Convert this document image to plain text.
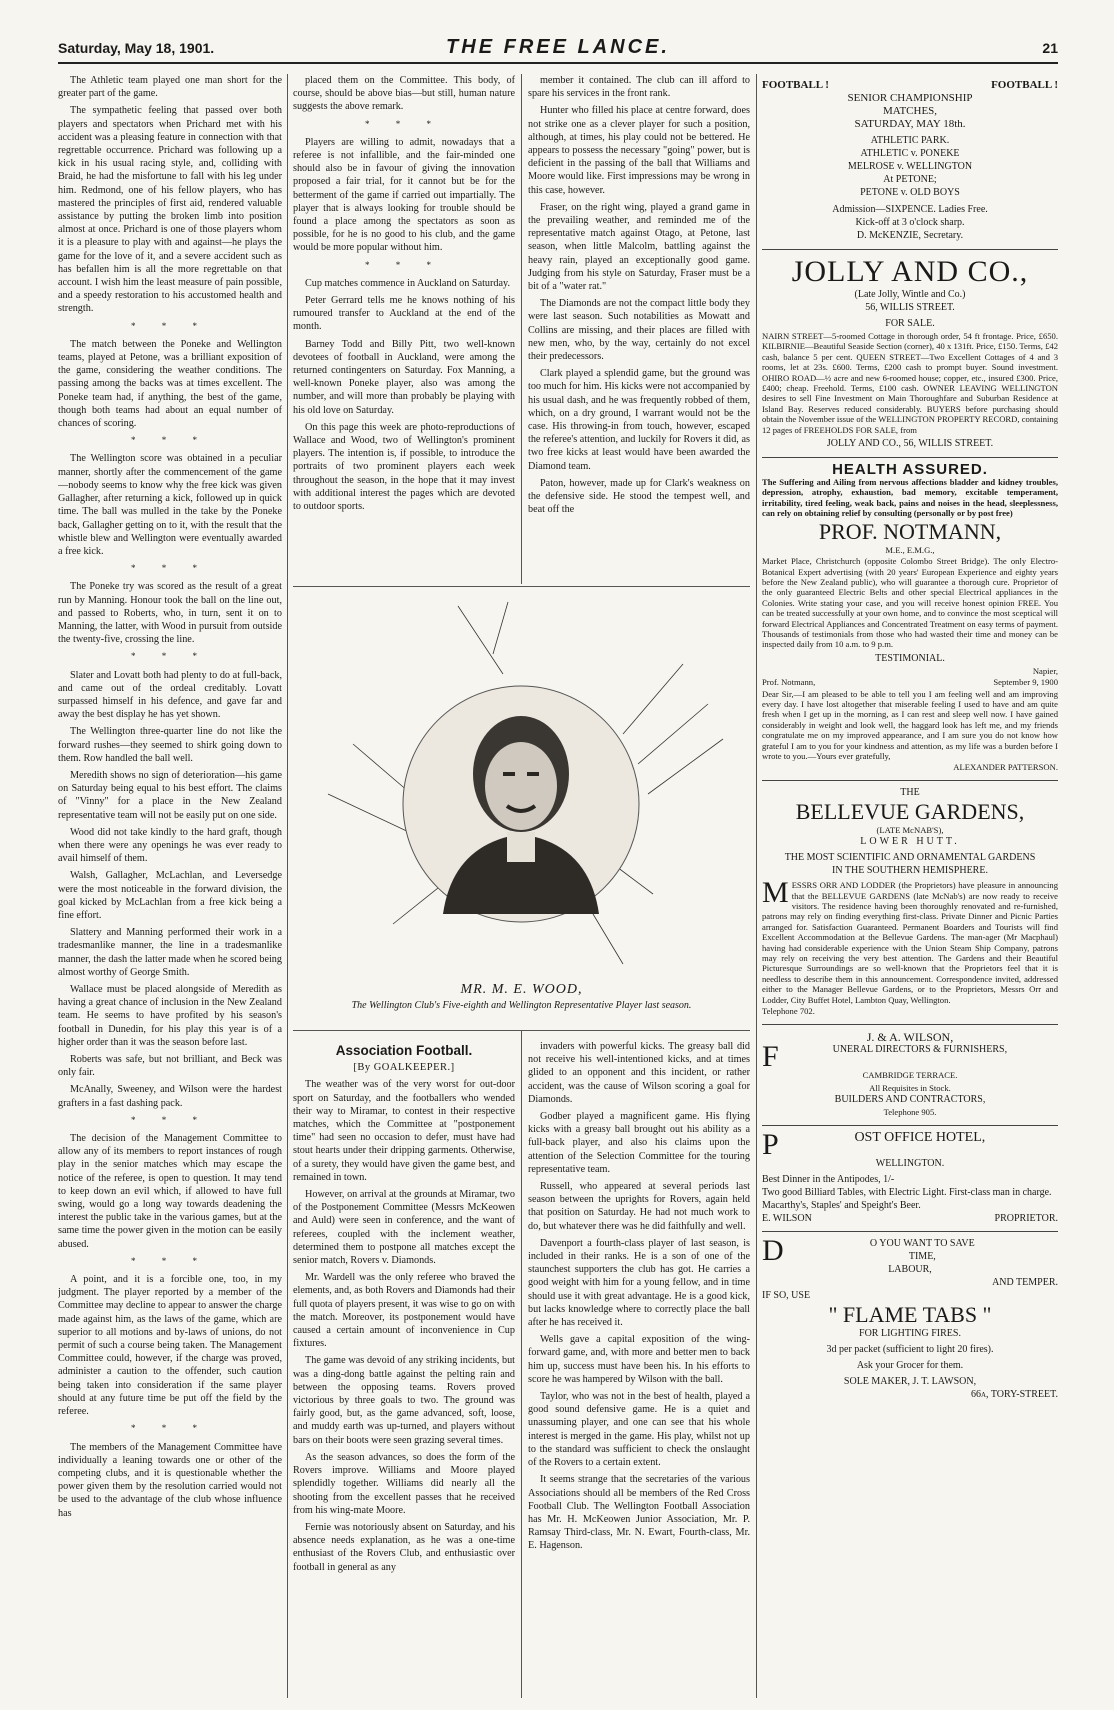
Saturday, May 18, 1901.	THE FREE LANCE.	21

The Athletic team played one man short for the greater part of the game.

The sympathetic feeling that passed over both players and spectators when Prichard met with his accident was a pleasing feature in connection with that regrettable occurrence. Prichard was following up a kick in his usual racing style, and, colliding with Braid, he had the misfortune to fall with his leg under him. Redmond, one of his fellow players, who has mastered the principles of first aid, rendered valuable assistance by putting the broken limb into position almost at once. Prichard is one of those players whom it is a pleasure to play with and against—he plays the game for the love of it, and a severe accident such as has befallen him is all the more regrettable on that account. I wish him the least measure of pain possible, and a speedy restoration to his accustomed health and strength.

* * *

The match between the Poneke and Wellington teams, played at Petone, was a brilliant exposition of the game, considering the weather conditions. The passing among the backs was at times excellent. The Poneke team had, if anything, the best of the game, though both teams had about an equal number of chances of scoring.

* * *

The Wellington score was obtained in a peculiar manner, shortly after the commencement of the game—nobody seems to know why the free kick was given Gallagher, after returning a kick, followed up in quick time. The ball was mulled in the take by the Poneke back, Gallagher getting on to it, with the result that the whistle blew and Wellington were eventually awarded a free kick.

* * *

The Poneke try was scored as the result of a great run by Manning. Honour took the ball on the line out, and passed to Roberts, who, in turn, sent it on to Manning, the latter, with Wood in pursuit from outside the twenty-five, crossing the line.

* * *

Slater and Lovatt both had plenty to do at full-back, and came out of the ordeal creditably. Lovatt surpassed himself in his defence, and gave far and away the best display he has yet shown.

The Wellington three-quarter line do not like the forward rushes—they seemed to shirk going down to them. Row handled the ball well.

Meredith shows no sign of deterioration—his game on Saturday being equal to his best effort. The claims of "Vinny" for a place in the New Zealand representative team will not be easily put on one side.

Wood did not take kindly to the hard graft, though when there were any openings he was ever ready to avail himself of them.

Walsh, Gallagher, McLachlan, and Leversedge were the most noticeable in the forward division, the goal kicked by McLachlan from a free kick being a fine effort.

Slattery and Manning performed their work in a tradesmanlike manner, the line in a tradesmanlike manner, the dash the latter made when he scored being almost worthy of George Smith.

Wallace must be placed alongside of Meredith as having a great chance of inclusion in the New Zealand team. He seems to have profited by his season's football in Dunedin, for his play this year is of a higher order than it was the season before last.

Roberts was safe, but not brilliant, and Beck was only fair.

McAnally, Sweeney, and Wilson were the hardest grafters in a fast dashing pack.

* * *

The decision of the Management Committee to allow any of its members to report instances of rough play in the senior matches which may escape the notice of the referee, is open to question. It may tend to keep down an evil which, if allowed to have full swing, would go a long way towards deadening the interest the public take in the various games, but at the same time the power given in the motion can be easily abused.

* * *

A point, and it is a forcible one, too, in my judgment. The player reported by a member of the Committee may decline to appear to answer the charge made against him, as the laws of the game, which are superior to all motions and by-laws of unions, do not permit of such a course being taken. The Management Committee could, however, if the charge was proved, administer a caution to the offender, such caution being taken into consideration if the same player should at any future time be put off the field by the referee.

* * *

The members of the Management Committee have individually a leaning towards one or other of the competing clubs, and it is questionable whether the power given them by the resolution carried would not be used to the advantage of the club whose influence has

placed them on the Committee. This body, of course, should be above bias—but still, human nature suggests the above remark.

* * *

Players are willing to admit, nowadays that a referee is not infallible, and the fair-minded one should also be in favour of giving the innovation proposed a fair trial, for it cannot but be for the betterment of the game if carried out impartially. The player that is always looking for trouble should be found a place among the spectators as soon as possible, for he is no good to his club, and the game would be more popular without him.

* * *

Cup matches commence in Auckland on Saturday.

Peter Gerrard tells me he knows nothing of his rumoured transfer to Auckland at the end of the month.

Barney Todd and Billy Pitt, two well-known devotees of football in Auckland, were among the returned contingenters on Saturday. Fox Manning, a well-known Poneke player, also was among the number, and will more than probably be playing with his old love on Saturday.

On this page this week are photo-reproductions of Wallace and Wood, two of Wellington's prominent players. The intention is, if possible, to introduce the portraits of two prominent players each week throughout the season, in the hope that it may invest with additional interest the pages which are devoted to outdoor sports.

member it contained. The club can ill afford to spare his services in the front rank.

Hunter who filled his place at centre forward, does not strike one as a clever player for such a position, although, at times, his play could not be bettered. He appears to possess the necessary "going" power, but is deficient in the passing of the ball that Williams and Moore would like. First impressions may be wrong in this case, however.

Fraser, on the right wing, played a grand game in the prevailing weather, and reminded me of the representative match against Otago, at Petone, last season, when little Malcolm, battling against the heavy rain, played an exceptionally good game. Judging from his style on Saturday, Fraser must be a bit of a "water rat."

The Diamonds are not the compact little body they were last season. Such notabilities as Mowatt and Collins are missing, and their places are filled with new men, who, by the way, certainly do not excel their predecessors.

Clark played a splendid game, but the ground was too much for him. His kicks were not accompanied by his usual dash, and he was frequently robbed of them, which, on a dry ground, I warrant would not be the case. His throwing-in from touch, however, escaped the referee's attention, and luckily for Rovers it did, as two free kicks at least would have been awarded the Diamond team.

Paton, however, made up for Clark's weakness on the defensive side. He stood the tempest well, and beat off the

MR. M. E. WOOD,
The Wellington Club's Five-eighth and Wellington Representative Player last season.

Association Football.

[By GOALKEEPER.]

The weather was of the very worst for out-door sport on Saturday, and the footballers who wended their way to Miramar, to contest in their respective matches, which the Committee at "postponement time" had seen no occasion to defer, must have had stout hearts under their dripping garments. Otherwise, of a surety, they would have given the game best, and remained in town.

However, on arrival at the grounds at Miramar, two of the Postponement Committee (Messrs McKeowen and Auld) were seen in conference, and the want of referees, coupled with the inclement weather, determined them to postpone all matches except the senior match, Rovers v. Diamonds.

Mr. Wardell was the only referee who braved the elements, and, as both Rovers and Diamonds had their full quota of players present, it was wise to go on with the match. Moreover, its postponement would have caused a certain amount of inconvenience in Cup fixtures.

The game was devoid of any striking incidents, but was a ding-dong battle against the pelting rain and between the opposing teams. Rovers proved victorious by three goals to two. The ground was fairly good, but, as the game advanced, soft, loose, and muddy earth was up-turned, and players without bars on their boots were seen grazing several times.

As the season advances, so does the form of the Rovers improve. Williams and Moore played splendidly together. Williams did nearly all the shooting from the excellent passes that he received from his wing-mate Moore.

Fernie was notoriously absent on Saturday, and his absence needs explanation, as he was a one-time enthusiast of the Rovers Club, and enthusiastic over football in general as any

invaders with powerful kicks. The greasy ball did not receive his well-intentioned kicks, and at times glided to an opponent and this incident, or rather accident, was the cause of Wilson scoring a goal for Diamonds.

Godber played a magnificent game. His flying kicks with a greasy ball brought out his ability as a full-back player, and also his claims upon the attention of the Selection Committee for the touring representative team.

Russell, who appeared at several periods last season between the uprights for Rovers, again held that position on Saturday. He had not much work to do, but whatever there was he did faithfully and well.

Davenport a fourth-class player of last season, is included in their ranks. He is a son of one of the staunchest supporters the club has got. He carries a good weight with him for a young fellow, and in time should use it with great advantage. He is a good kick, but lacks knowledge where to correctly place the ball after he has received it.

Wells gave a capital exposition of the wing-forward game, and, with more and better men to back him up, success must have been his. In his efforts to score he was hampered by Wilson with the ball.

Taylor, who was not in the best of health, played a good sound defensive game. He is a quiet and unassuming player, and one can see that his whole interest is merged in the game. His play, whilst not up to the standard was sufficient to check the onslaught of the Rovers to a certain extent.

It seems strange that the secretaries of the various Associations should all be members of the Red Cross Football Club. The Wellington Football Association has Mr. H. McKeowen Junior Association, Mr. P. Ramsay Third-class, Mr. N. Ewart, Fourth-class, Mr. E. Hagenson.

FOOTBALL !	FOOTBALL !

SENIOR CHAMPIONSHIP

MATCHES,

SATURDAY, MAY 18th.

ATHLETIC PARK.

ATHLETIC v. PONEKE

MELROSE v. WELLINGTON

At PETONE;

PETONE v. OLD BOYS

Admission—SIXPENCE. Ladies Free.

Kick-off at 3 o'clock sharp.

D. McKENZIE, Secretary.

JOLLY AND CO.,

(Late Jolly, Wintle and Co.)

56, WILLIS STREET.

FOR SALE.

NAIRN STREET—5-roomed Cottage in thorough order, 54 ft frontage. Price, £650. KILBIRNIE—Beautiful Seaside Section (corner), 40 x 131ft. Price, £150. Terms, £42 cash, balance 5 per cent. QUEEN STREET—Two Excellent Cottages of 4 and 3 rooms, let at 23s. £600. Terms, £200 cash to prompt buyer. Sound investment. OHIRO ROAD—½ acre and new 6-roomed house; copper, etc., insured £300. Price, £400; cheap. Freehold. Terms, £100 cash. OWNER LEAVING WELLINGTON desires to sell Fine Investment on Main Thoroughfare and Suburban Residence at Island Bay. Reserves reduced considerably. BUYERS before purchasing should obtain the November issue of the WELLINGTON PROPERTY RECORD, containing 12 pages of FREEHOLDS FOR SALE, from

JOLLY AND CO., 56, WILLIS STREET.

HEALTH ASSURED.

The Suffering and Ailing from nervous affections bladder and kidney troubles, depression, atrophy, exhaustion, bad memory, excitable temperament, irritability, tired feeling, weak back, pains and noises in the head, sleeplessness, can rely on obtaining relief by consulting (personally or by post free)

PROF. NOTMANN,

M.E., E.M.G.,

Market Place, Christchurch (opposite Colombo Street Bridge). The only Electro-Botanical Expert advertising (with 20 years' European Experience and eighty years before the New Zealand public), who will guarantee a thorough cure. Proprietor of the only guaranteed Electric Belts and other special Electrical appliances in the Colonies. Write stating your case, and you will receive honest opinion FREE. You can be treated successfully at your own home, and to convince the most sceptical will forward Electrical Appliances and Concentrated Treatment on easy terms of payment. Thousands of testimonials from those who had wasted their time and money can be inspected daily from 10 a.m. to 9 p.m.

TESTIMONIAL.

Napier,

Prof. Notmann,	September 9, 1900

Dear Sir,—I am pleased to be able to tell you I am feeling well and am improving every day. I have lost altogether that miserable feeling I used to have and am quite fresh when I get up in the morning, as I can rest and sleep well now. I have gained considerably in weight and look well, the haggard look has left me, and my friends congratulate me on my improved appearance, and I am sure you do not know how grateful I am to you for your kindness and attention, as my life was a burden before I wrote to you.—Yours ever gratefully,

ALEXANDER PATTERSON.

THE

BELLEVUE GARDENS,

(LATE McNAB'S),

LOWER HUTT.

THE MOST SCIENTIFIC AND ORNAMENTAL GARDENS

IN THE SOUTHERN HEMISPHERE.

MESSRS ORR AND LODDER (the Proprietors) have pleasure in announcing that the BELLEVUE GARDENS (late McNab's) are now ready to receive visitors. The residence having been thoroughly renovated and re-furnished, patrons may rely on finding everything first-class. Private Dinner and Picnic Parties arranged for. Satisfaction Guaranteed. Permanent Boarders and Tourists will find Excellent Accommodation at the Bellevue Gardens. The man-ager (Mr Macphaul) having had considerable experience with the Union Steam Ship Company, patrons may rely on receiving the very best attention. The Gardens and their Beautiful Picturesque Surroundings are so well-known that the Proprietors feel that it is needless to describe them in this announcement. Correspondence invited, addressed either to the Manager Bellevue Gardens, or to the Proprietors, Messrs Orr and Lodder, City Buffet Hotel, Lambton Quay, Wellington.

Telephone 702.

J. & A. WILSON,

F	UNERAL DIRECTORS & FURNISHERS,

CAMBRIDGE TERRACE.

All Requisites in Stock.

BUILDERS AND CONTRACTORS,

Telephone 905.

P	OST OFFICE HOTEL,

WELLINGTON.

Best Dinner in the Antipodes, 1/-

Two good Billiard Tables, with Electric Light. First-class man in charge.

Macarthy's, Staples' and Speight's Beer.

E. WILSON	PROPRIETOR.

D	O YOU WANT TO SAVE

TIME,

LABOUR,

AND TEMPER.

IF SO, USE

" FLAME TABS "

FOR LIGHTING FIRES.

3d per packet (sufficient to light 20 fires).

Ask your Grocer for them.

SOLE MAKER, J. T. LAWSON,

66a, TORY-STREET.
